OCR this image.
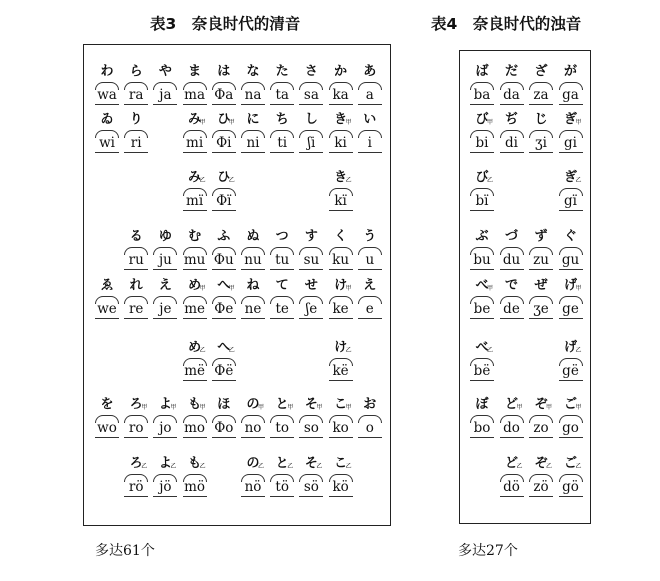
表3　奈良时代的清音	表4　奈良时代的浊音
わ
wa
ら
ra
や
ja
ま
ma
は
Φa
な
na
た
ta
さ
sa
か
ka
あ
a
ゐ
wi
り
ri
み
甲
mi
ひ
甲
Φi
に
ni
ち
ti
し
ʃi
き
甲
ki
い
i
み
乙
mï
ひ
乙
Φï
き
乙
kï
る
ru
ゆ
ju
む
mu
ふ
Φu
ぬ
nu
つ
tu
す
su
く
ku
う
u
ゑ
we
れ
re
え
je
め
甲
me
へ
甲
Φe
ね
ne
て
te
せ
ʃe
け
甲
ke
え
e
め
乙
më
へ
乙
Φë
け
乙
kë
を
wo
ろ
甲
ro
よ
甲
jo
も
甲
mo
ほ
Φo
の
甲
no
と
甲
to
そ
甲
so
こ
甲
ko
お
o
ろ
乙
rö
よ
乙
jö
も
乙
mö
の
乙
nö
と
乙
tö
そ
乙
sö
こ
乙
kö
ば
ba
だ
da
ざ
za
が
ga
び
甲
bi
ぢ
di
じ
ʒi
ぎ
甲
gi
び
乙
bï
ぎ
乙
gï
ぶ
bu
づ
du
ず
zu
ぐ
gu
べ
甲
be
で
de
ぜ
ʒe
げ
甲
ge
べ
乙
bë
げ
乙
gë
ぼ
bo
ど
甲
do
ぞ
甲
zo
ご
甲
go
ど
乙
dö
ぞ
乙
zö
ご
乙
gö
多达61个	多达27个
